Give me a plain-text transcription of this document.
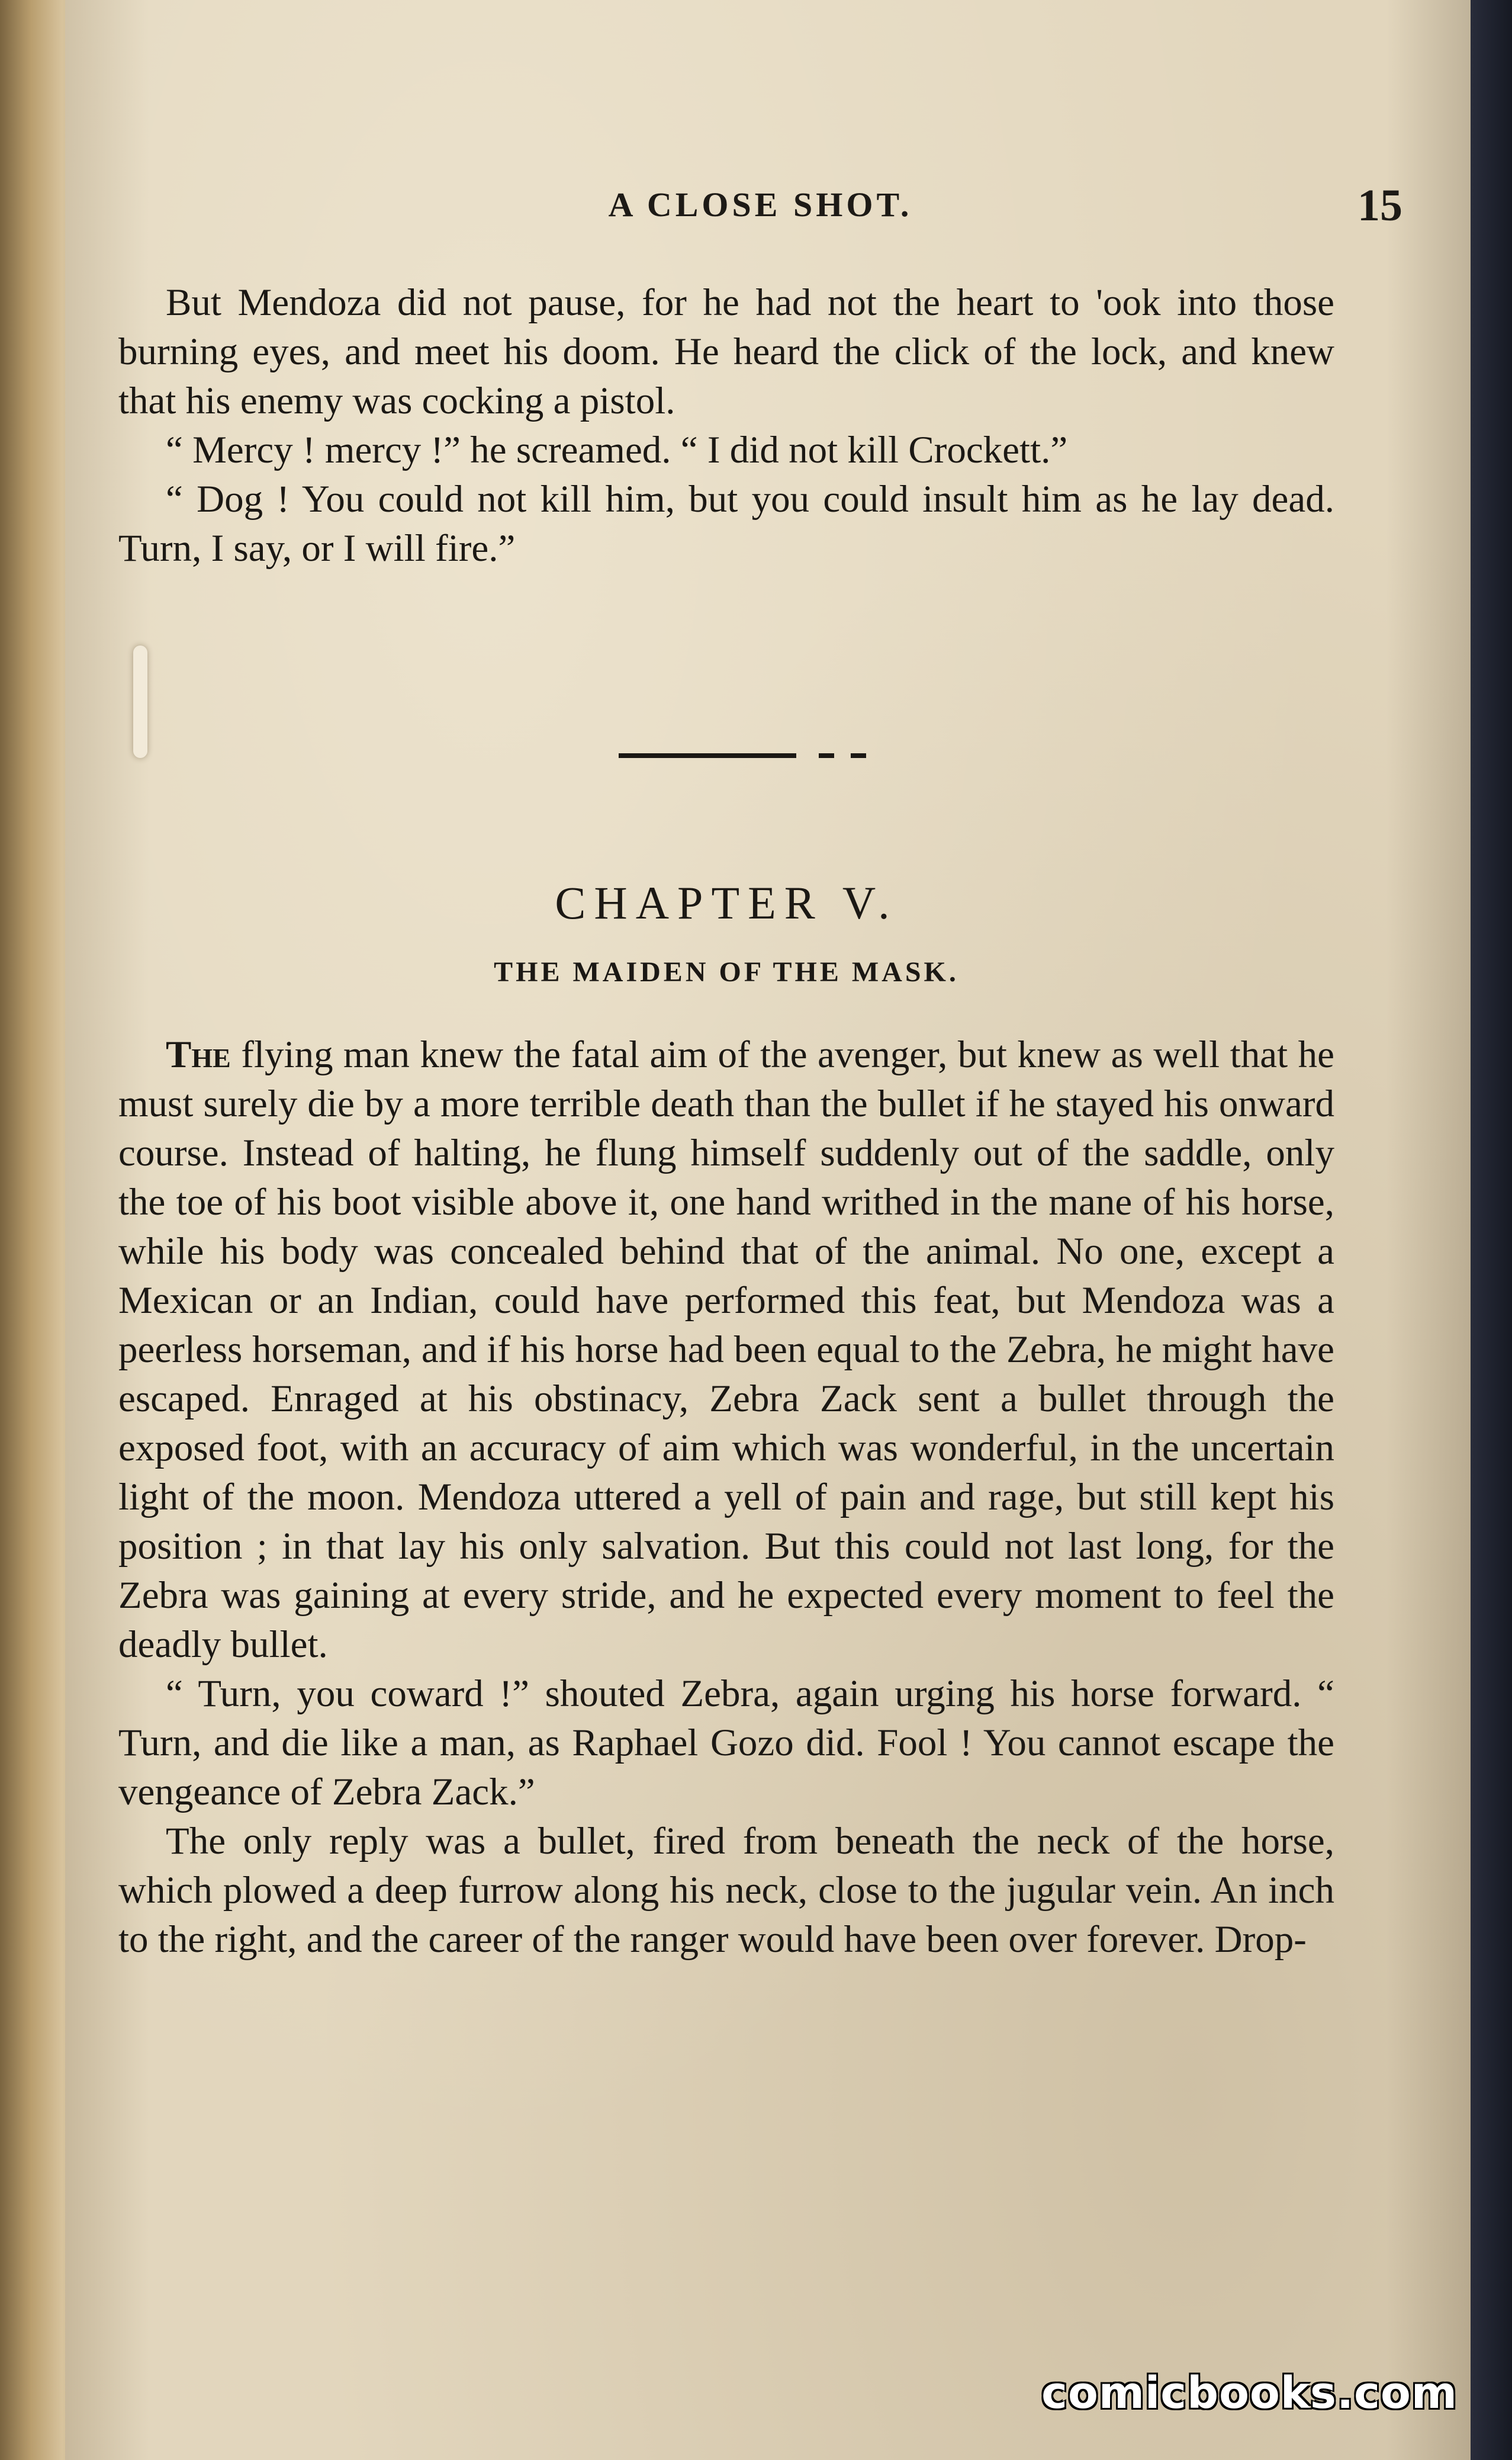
A CLOSE SHOT.	15

But Mendoza did not pause, for he had not the heart to 'ook into those burning eyes, and meet his doom. He heard the click of the lock, and knew that his enemy was cocking a pistol.

“ Mercy ! mercy !” he screamed. “ I did not kill Crockett.”

“ Dog ! You could not kill him, but you could insult him as he lay dead. Turn, I say, or I will fire.”

CHAPTER V.
THE MAIDEN OF THE MASK.

The flying man knew the fatal aim of the avenger, but knew as well that he must surely die by a more terrible death than the bullet if he stayed his onward course. Instead of halting, he flung himself suddenly out of the saddle, only the toe of his boot visible above it, one hand writhed in the mane of his horse, while his body was concealed behind that of the animal. No one, except a Mexican or an Indian, could have performed this feat, but Mendoza was a peerless horseman, and if his horse had been equal to the Zebra, he might have escaped. Enraged at his obstinacy, Zebra Zack sent a bullet through the exposed foot, with an accuracy of aim which was wonderful, in the uncertain light of the moon. Mendoza uttered a yell of pain and rage, but still kept his position ; in that lay his only salvation. But this could not last long, for the Zebra was gaining at every stride, and he expected every moment to feel the deadly bullet.

“ Turn, you coward !” shouted Zebra, again urging his horse forward. “ Turn, and die like a man, as Raphael Gozo did. Fool ! You cannot escape the vengeance of Zebra Zack.”

The only reply was a bullet, fired from beneath the neck of the horse, which plowed a deep furrow along his neck, close to the jugular vein. An inch to the right, and the career of the ranger would have been over forever. Drop-

comicbooks.com
